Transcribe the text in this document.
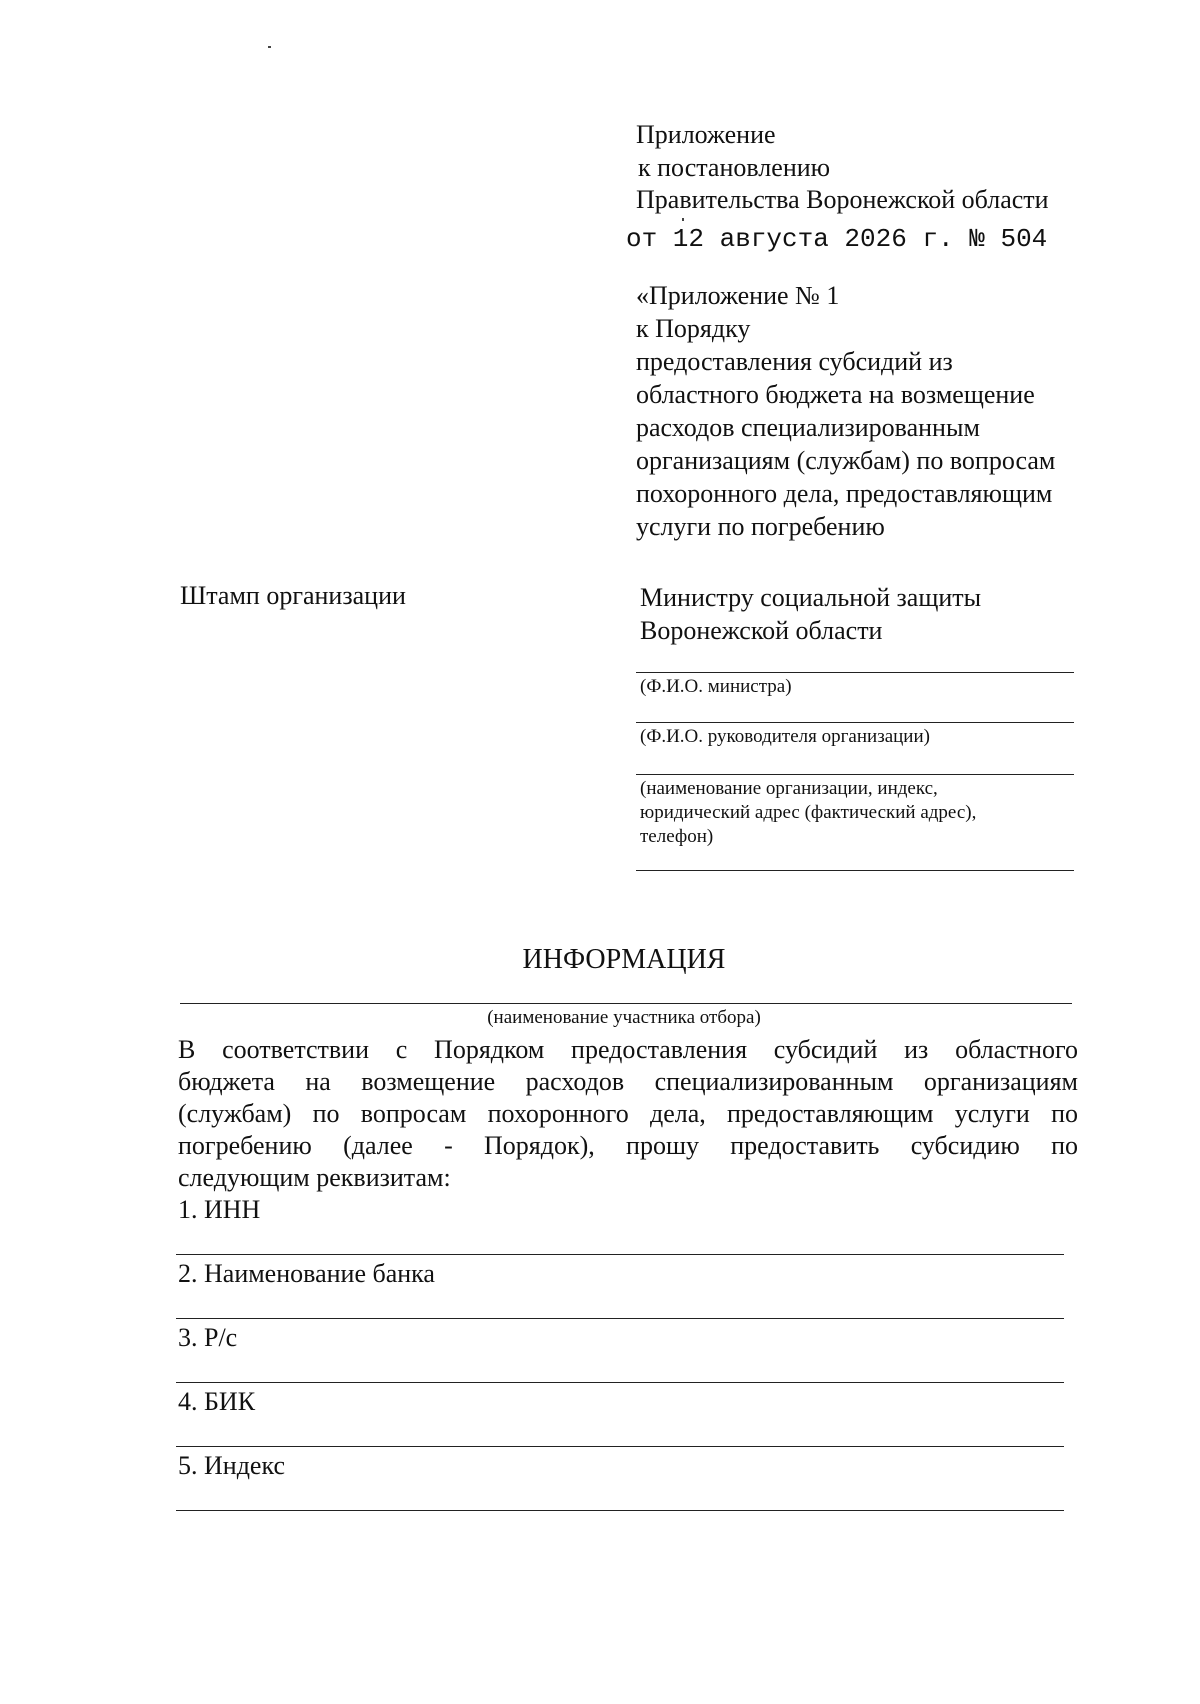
Приложение
к постановлению
Правительства Воронежской области
от 12 августа 2026 г. № 504
«Приложение № 1
к Порядку
предоставления субсидий из
областного бюджета на возмещение
расходов специализированным
организациям (службам) по вопросам
похоронного дела, предоставляющим
услуги по погребению
Штамп организации	Министру социальной защиты
Воронежской области
(Ф.И.О. министра)
(Ф.И.О. руководителя организации)
(наименование организации, индекс,
юридический адрес (фактический адрес),
телефон)
ИНФОРМАЦИЯ
(наименование участника отбора)
В соответствии с Порядком предоставления субсидий из областного
бюджета на возмещение расходов специализированным организациям
(службам) по вопросам похоронного дела, предоставляющим услуги по
погребению (далее - Порядок), прошу предоставить субсидию по
следующим реквизитам:
1. ИНН
2. Наименование банка
3. Р/с
4. БИК
5. Индекс
